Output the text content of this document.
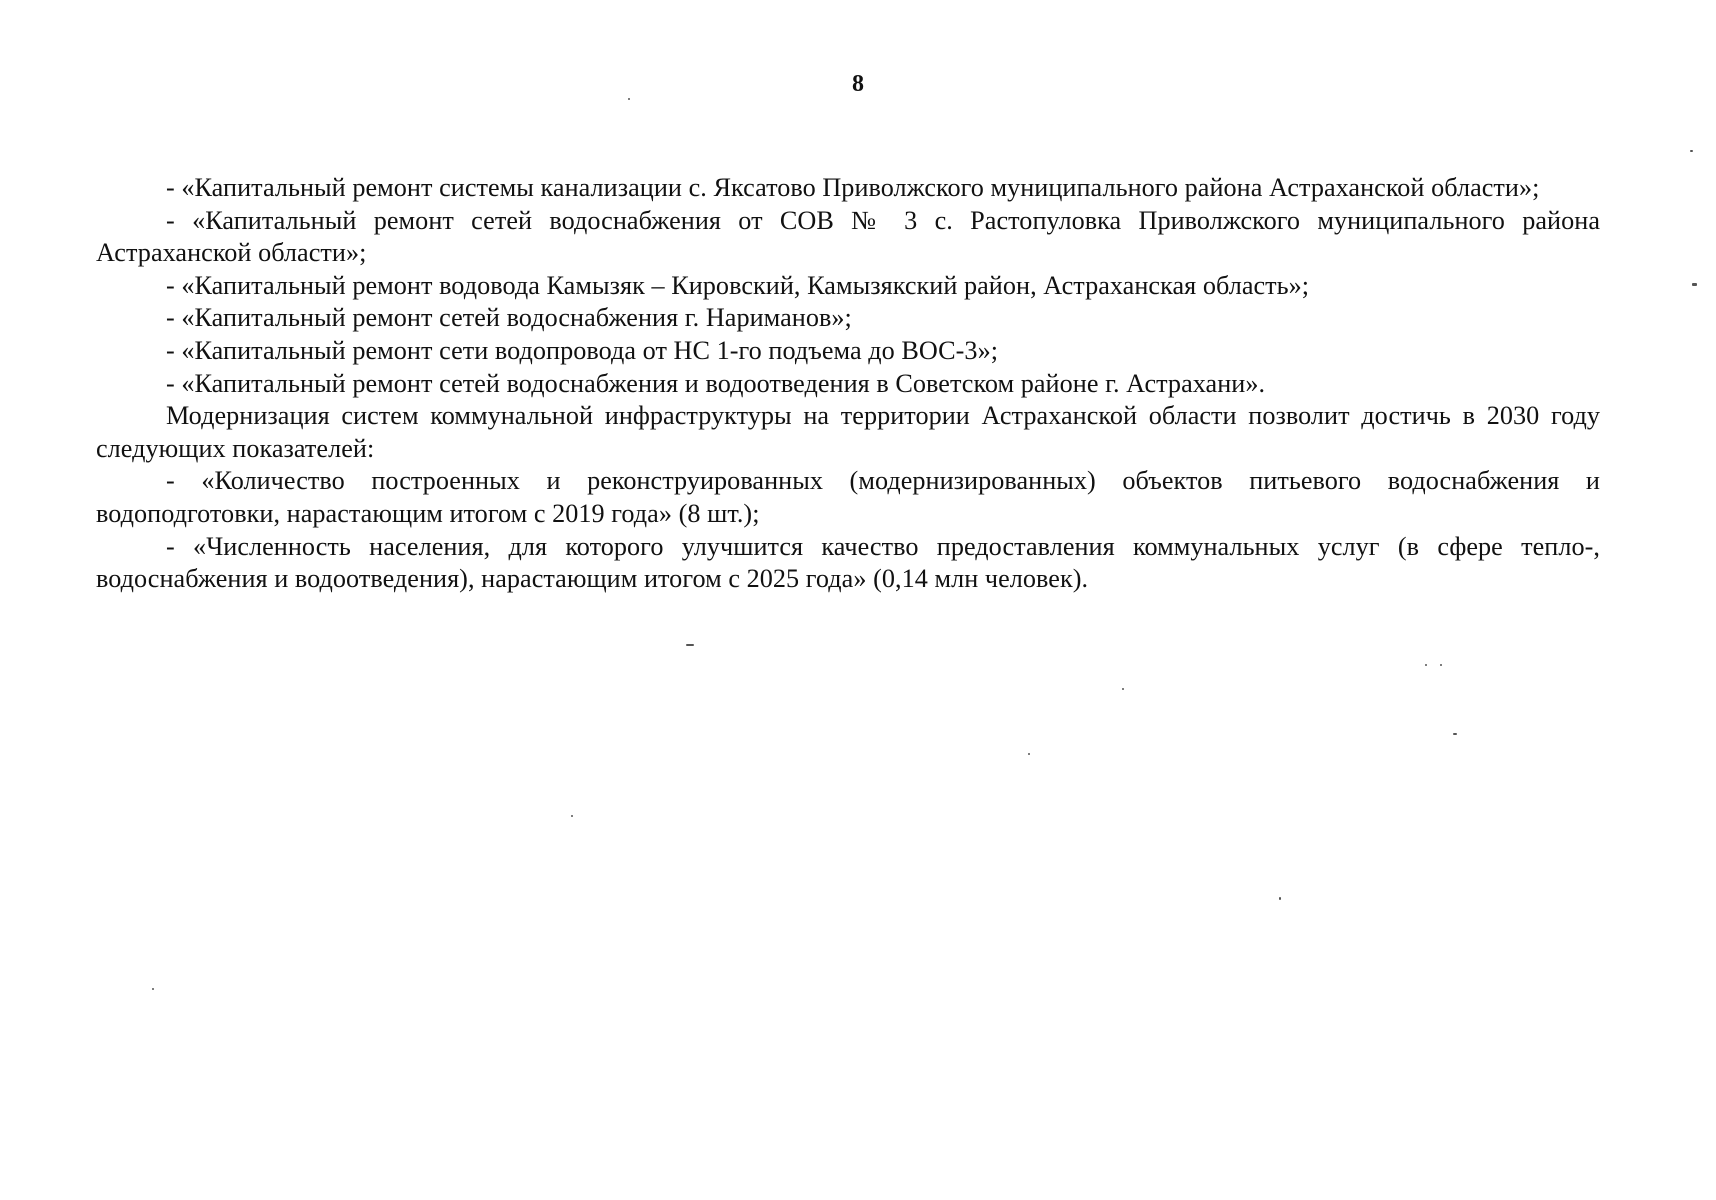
8

- «Капитальный ремонт системы канализации с. Яксатово Приволжского муниципального района Астраханской области»;

- «Капитальный ремонт сетей водоснабжения от СОВ № 3 с. Растопуловка Приволжского муниципального района Астраханской области»;

- «Капитальный ремонт водовода Камызяк – Кировский, Камызякский район, Астраханская область»;

- «Капитальный ремонт сетей водоснабжения г. Нариманов»;

- «Капитальный ремонт сети водопровода от НС 1-го подъема до ВОС-3»;

- «Капитальный ремонт сетей водоснабжения и водоотведения в Советском районе г. Астрахани».

Модернизация систем коммунальной инфраструктуры на территории Астраханской области позволит достичь в 2030 году следующих показателей:

- «Количество построенных и реконструированных (модернизированных) объектов питьевого водоснабжения и водоподготовки, нарастающим итогом с 2019 года» (8 шт.);

- «Численность населения, для которого улучшится качество предоставления коммунальных услуг (в сфере тепло-, водоснабжения и водоотведения), нарастающим итогом с 2025 года» (0,14 млн человек).
